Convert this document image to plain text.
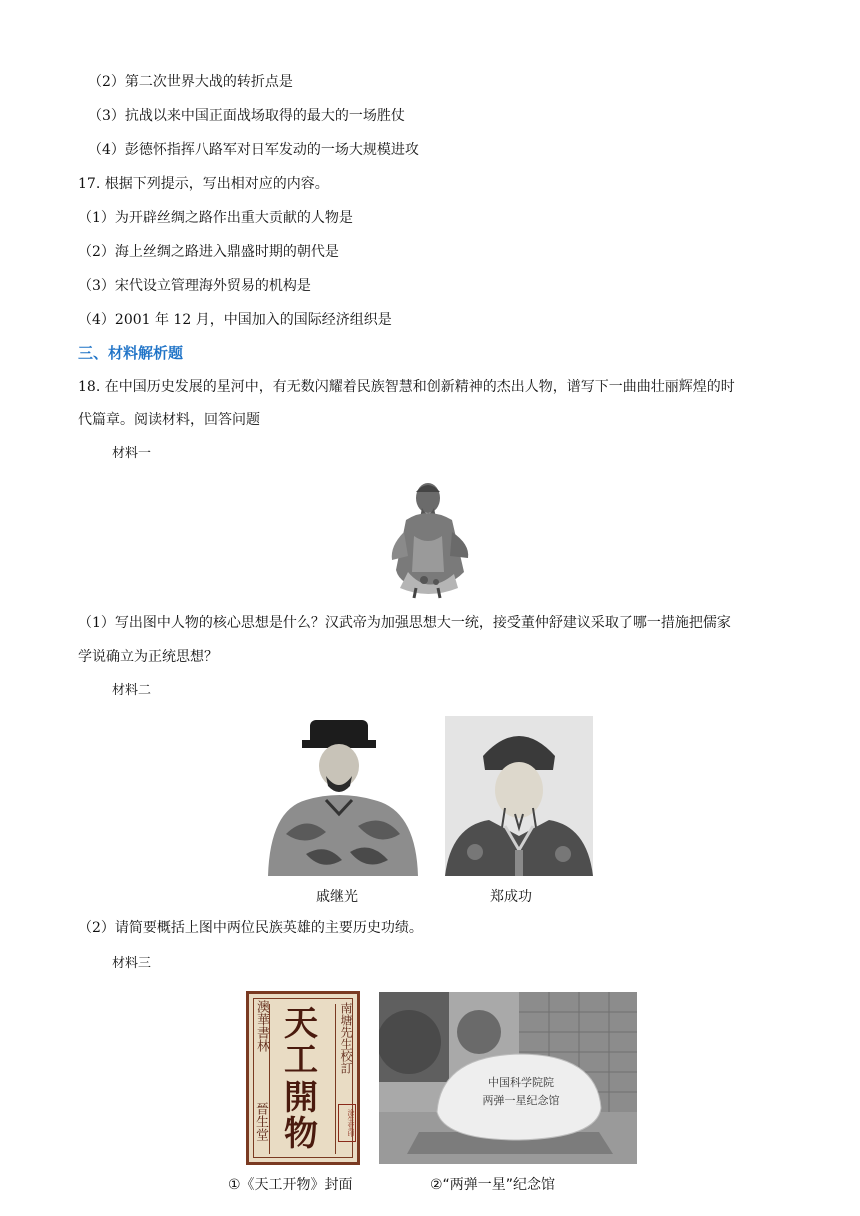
（2）第二次世界大战的转折点是
（3）抗战以来中国正面战场取得的最大的一场胜仗
（4）彭德怀指挥八路军对日军发动的一场大规模进攻
17. 根据下列提示，写出相对应的内容。
（1）为开辟丝绸之路作出重大贡献的人物是
（2）海上丝绸之路进入鼎盛时期的朝代是
（3）宋代设立管理海外贸易的机构是
（4）2001 年 12 月，中国加入的国际经济组织是
三、材料解析题
18. 在中国历史发展的星河中，有无数闪耀着民族智慧和创新精神的杰出人物，谱写下一曲曲壮丽辉煌的时
代篇章。阅读材料，回答问题
材料一
（1）写出图中人物的核心思想是什么？汉武帝为加强思想大一统，接受董仲舒建议采取了哪一措施把儒家
学说确立为正统思想？
材料二
戚继光	郑成功
（2）请简要概括上图中两位民族英雄的主要历史功绩。
材料三
澳華書林
晉生堂
天工
開物
南塘先生校訂
涂生堂印
①《天工开物》封面
中国科学院院
两弹一星纪念馆
②“两弹一星”纪念馆
